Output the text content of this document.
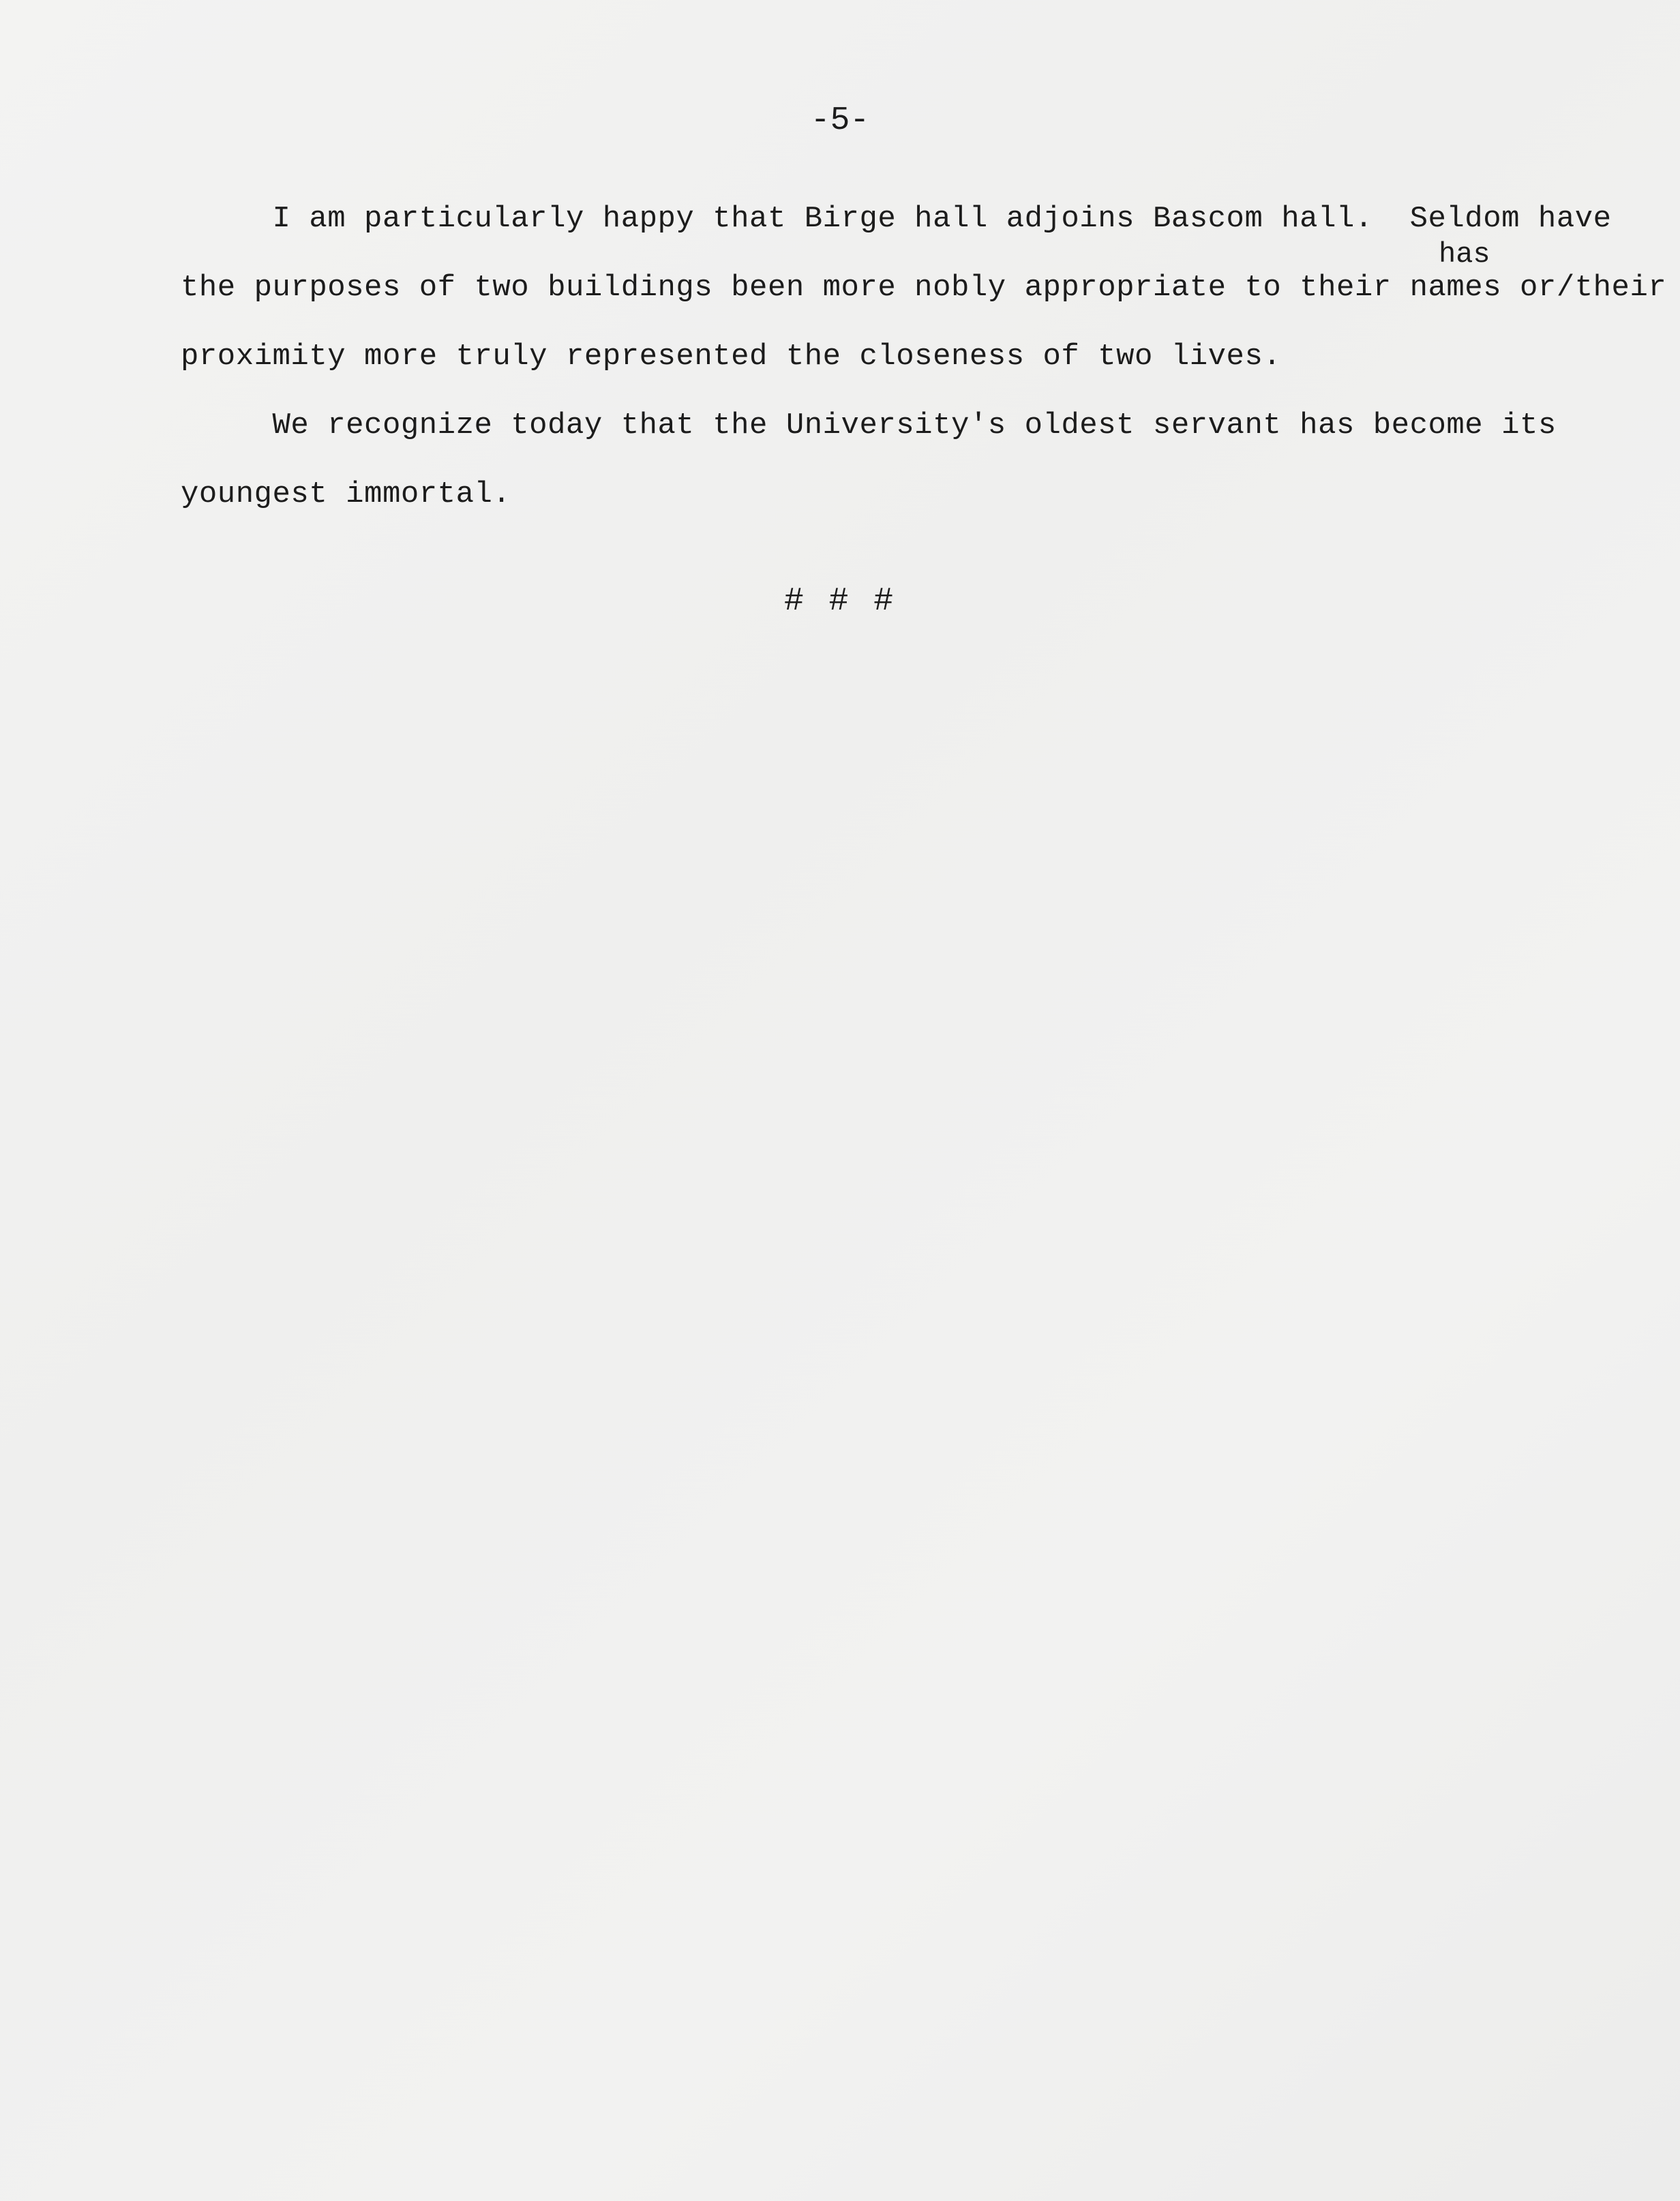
-5-
I am particularly happy that Birge hall adjoins Bascom hall.  Seldom have
has
the purposes of two buildings been more nobly appropriate to their names or/their
proximity more truly represented the closeness of two lives.
We recognize today that the University's oldest servant has become its
youngest immortal.
# # #
